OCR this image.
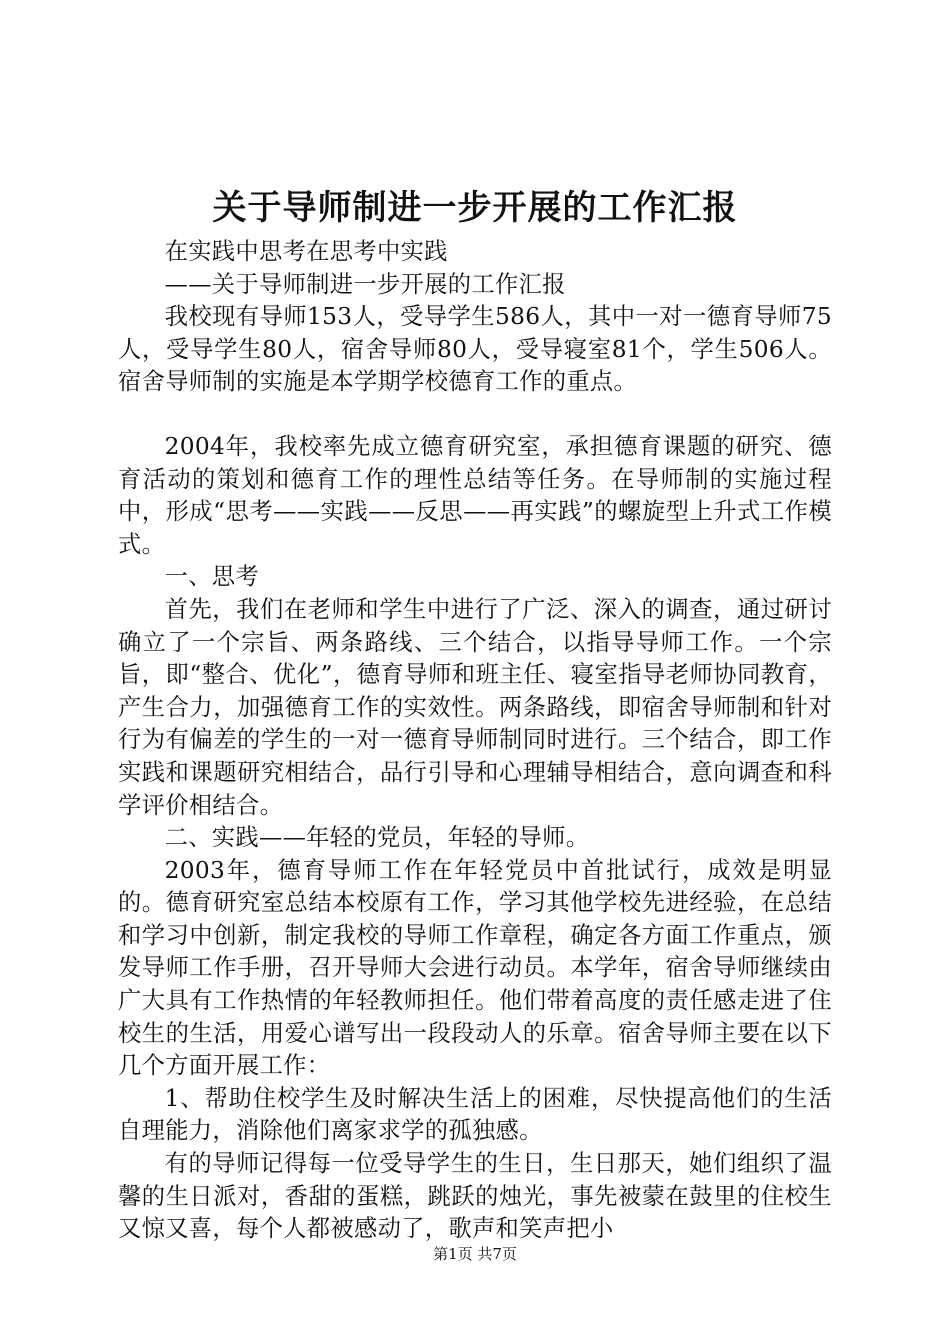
关于导师制进一步开展的工作汇报

在实践中思考在思考中实践

——关于导师制进一步开展的工作汇报

我校现有导师153人，受导学生586人，其中一对一德育导师75人，受导学生80人，宿舍导师80人，受导寝室81个，学生506人。宿舍导师制的实施是本学期学校德育工作的重点。

2004年，我校率先成立德育研究室，承担德育课题的研究、德育活动的策划和德育工作的理性总结等任务。在导师制的实施过程中，形成“思考——实践——反思——再实践”的螺旋型上升式工作模式。

一、思考

首先，我们在老师和学生中进行了广泛、深入的调查，通过研讨确立了一个宗旨、两条路线、三个结合，以指导导师工作。一个宗旨，即“整合、优化”，德育导师和班主任、寝室指导老师协同教育，产生合力，加强德育工作的实效性。两条路线，即宿舍导师制和针对行为有偏差的学生的一对一德育导师制同时进行。三个结合，即工作实践和课题研究相结合，品行引导和心理辅导相结合，意向调查和科学评价相结合。

二、实践——年轻的党员，年轻的导师。

2003年，德育导师工作在年轻党员中首批试行，成效是明显的。德育研究室总结本校原有工作，学习其他学校先进经验，在总结和学习中创新，制定我校的导师工作章程，确定各方面工作重点，颁发导师工作手册，召开导师大会进行动员。本学年，宿舍导师继续由广大具有工作热情的年轻教师担任。他们带着高度的责任感走进了住校生的生活，用爱心谱写出一段段动人的乐章。宿舍导师主要在以下几个方面开展工作：

1、帮助住校学生及时解决生活上的困难，尽快提高他们的生活自理能力，消除他们离家求学的孤独感。

有的导师记得每一位受导学生的生日，生日那天，她们组织了温馨的生日派对，香甜的蛋糕，跳跃的烛光，事先被蒙在鼓里的住校生又惊又喜，每个人都被感动了，歌声和笑声把小

第1页 共7页
